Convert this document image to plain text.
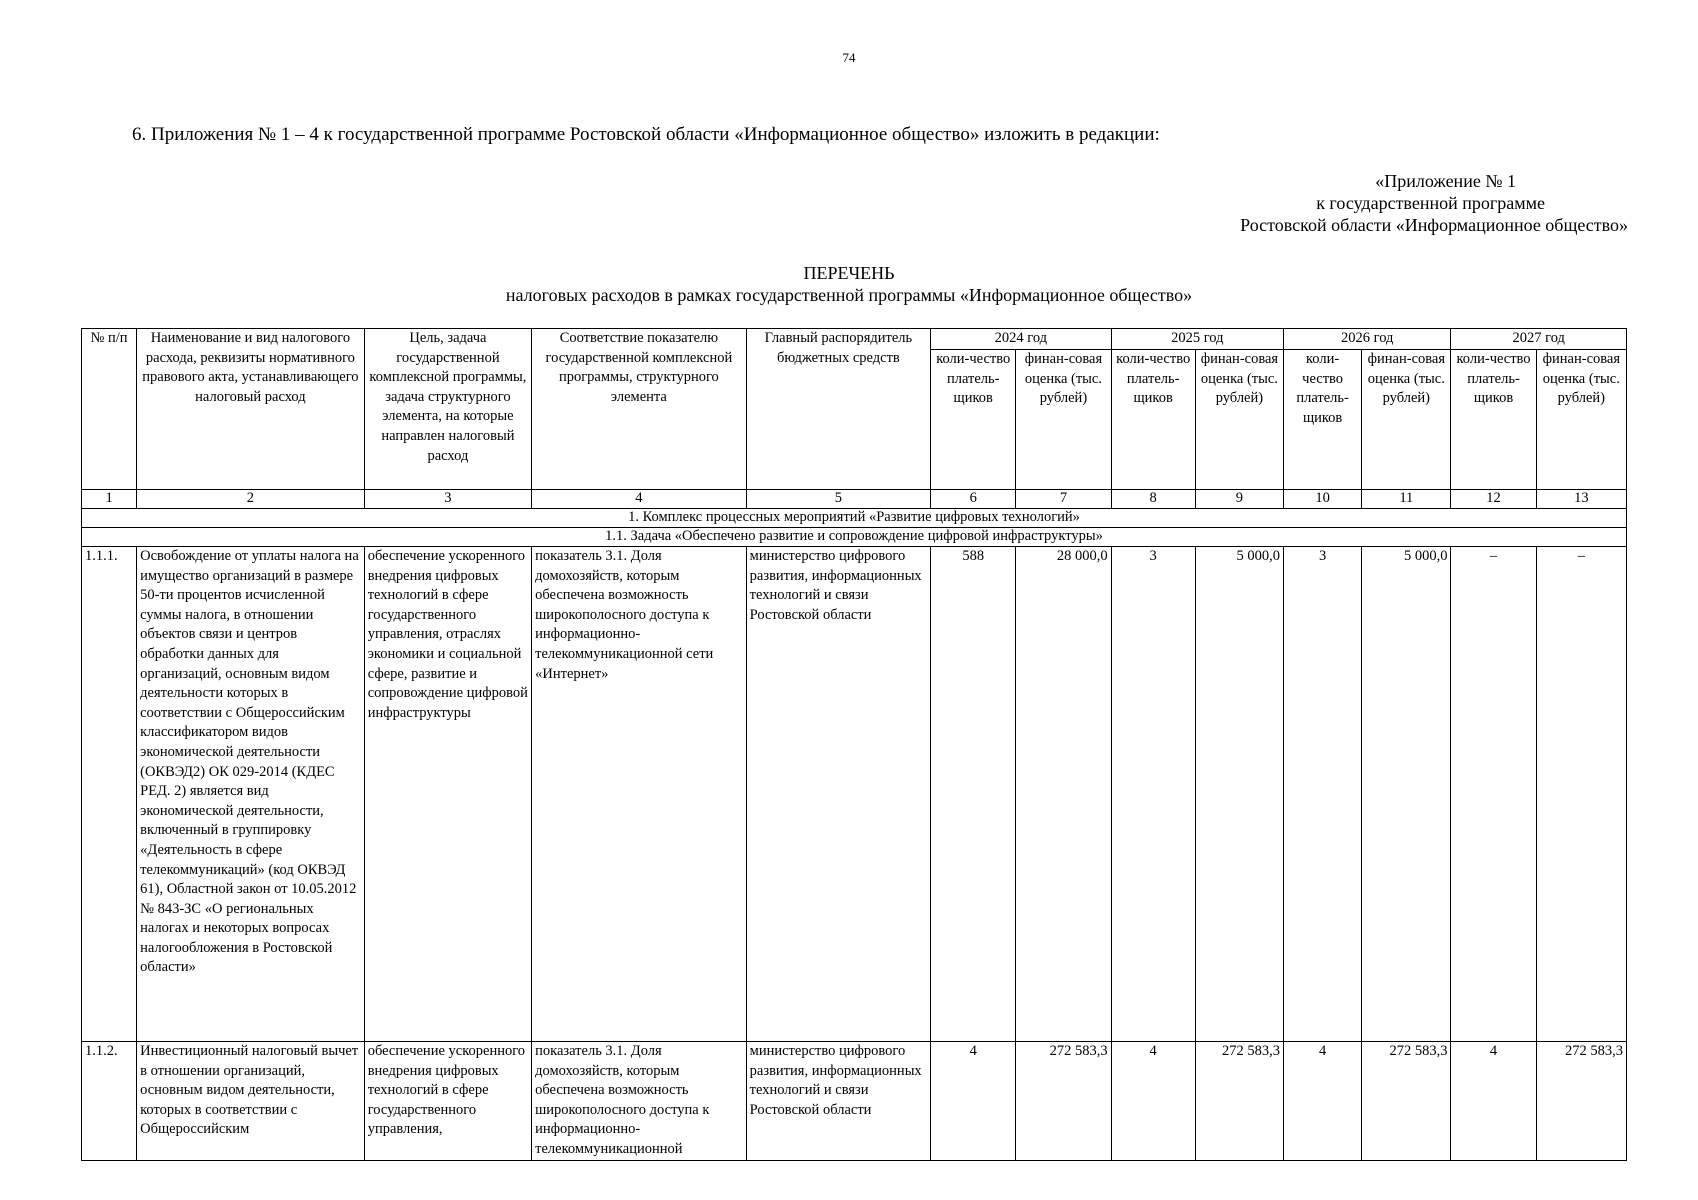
74
6. Приложения № 1 – 4 к государственной программе Ростовской области «Информационное общество» изложить в редакции:
«Приложение № 1
к государственной программе
Ростовской области «Информационное общество»
ПЕРЕЧЕНЬ
налоговых расходов в рамках государственной программы «Информационное общество»
№ п/п	Наименование и вид налогового расхода, реквизиты нормативного правового акта, устанавливающего налоговый расход	Цель, задача государственной комплексной программы, задача структурного элемента, на которые направлен налоговый расход	Соответствие показателю государственной комплексной программы, структурного элемента	Главный распорядитель бюджетных средств	2024 год		2025 год		2026 год		2027 год	
					коли-чество платель-щиков	финан-совая оценка (тыс. рублей)	коли-чество платель-щиков	финан-совая оценка (тыс. рублей)	коли-чество платель-щиков	финан-совая оценка (тыс. рублей)	коли-чество платель-щиков	финан-совая оценка (тыс. рублей)
1	2	3	4	5	6	7	8	9	10	11	12	13
1. Комплекс процессных мероприятий «Развитие цифровых технологий»												
1.1. Задача «Обеспечено развитие и сопровождение цифровой инфраструктуры»												
1.1.1.	Освобождение от уплаты налога на имущество организаций в размере 50-ти процентов исчисленной суммы налога, в отношении объектов связи и центров обработки данных для организаций, основным видом деятельности которых в соответствии с Общероссийским классификатором видов экономической деятельности (ОКВЭД2) ОК 029-2014 (КДЕС РЕД. 2) является вид экономической деятельности, включенный в группировку «Деятельность в сфере телекоммуникаций» (код ОКВЭД 61), Областной закон от 10.05.2012 № 843-ЗС «О региональных налогах и некоторых вопросах налогообложения в Ростовской области»	обеспечение ускоренного внедрения цифровых технологий в сфере государственного управления, отраслях экономики и социальной сфере, развитие и сопровождение цифровой инфраструктуры	показатель 3.1. Доля домохозяйств, которым обеспечена возможность широкополосного доступа к информационно-телекоммуникационной сети «Интернет»	министерство цифрового развития, информационных технологий и связи Ростовской области	588	28 000,0	3	5 000,0	3	5 000,0	–	–
1.1.2.	Инвестиционный налоговый вычет в отношении организаций, основным видом деятельности, которых в соответствии с Общероссийским	обеспечение ускоренного внедрения цифровых технологий в сфере государственного управления,	показатель 3.1. Доля домохозяйств, которым обеспечена возможность широкополосного доступа к информационно-телекоммуникационной	министерство цифрового развития, информационных технологий и связи Ростовской области	4	272 583,3	4	272 583,3	4	272 583,3	4	272 583,3
